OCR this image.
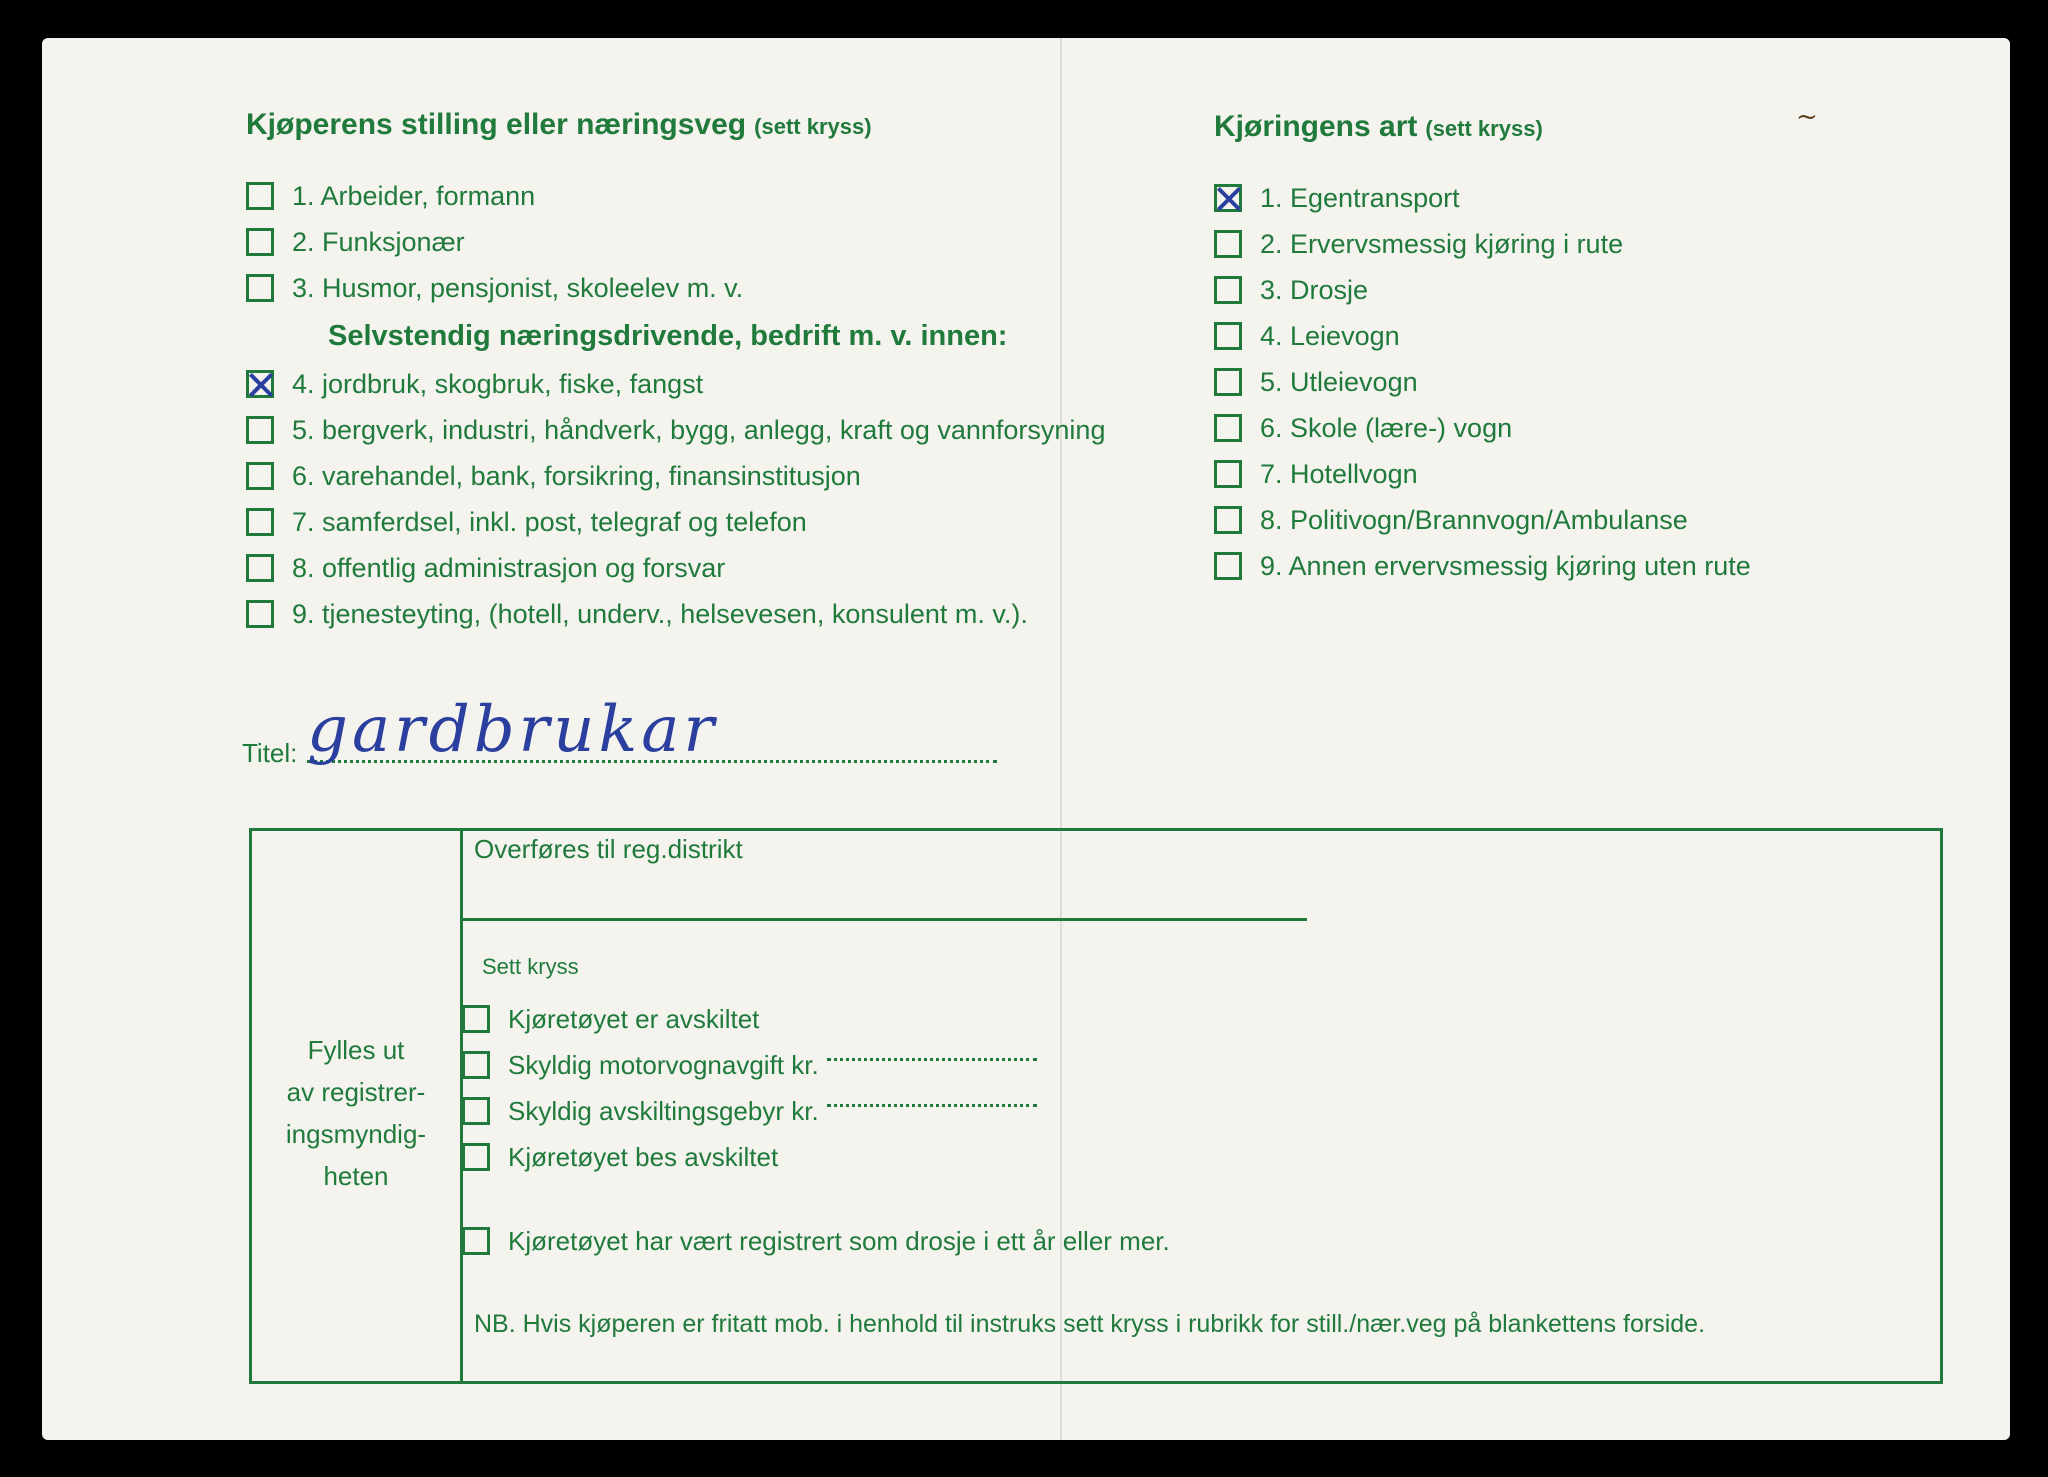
Kjøperens stilling eller næringsveg (sett kryss)
1. Arbeider, formann
2. Funksjonær
3. Husmor, pensjonist, skoleelev m. v.
Selvstendig næringsdrivende, bedrift m. v. innen:
4. jordbruk, skogbruk, fiske, fangst
5. bergverk, industri, håndverk, bygg, anlegg, kraft og vannforsyning
6. varehandel, bank, forsikring, finansinstitusjon
7. samferdsel, inkl. post, telegraf og telefon
8. offentlig administrasjon og forsvar
9. tjenesteyting, (hotell, underv., helsevesen, konsulent m. v.).
Kjøringens art (sett kryss)
1. Egentransport
2. Ervervsmessig kjøring i rute
3. Drosje
4. Leievogn
5. Utleievogn
6. Skole (lære-) vogn
7. Hotellvogn
8. Politivogn/Brannvogn/Ambulanse
9. Annen ervervsmessig kjøring uten rute
Titel: gardbrukar
Fylles ut
av registrer-
ingsmyndig-
heten
Overføres til reg.distrikt
Sett kryss
Kjøretøyet er avskiltet
Skyldig motorvognavgift kr.
Skyldig avskiltingsgebyr kr.
Kjøretøyet bes avskiltet
Kjøretøyet har vært registrert som drosje i ett år eller mer.
NB. Hvis kjøperen er fritatt mob. i henhold til instruks sett kryss i rubrikk for still./nær.veg på blankettens forside.
~
